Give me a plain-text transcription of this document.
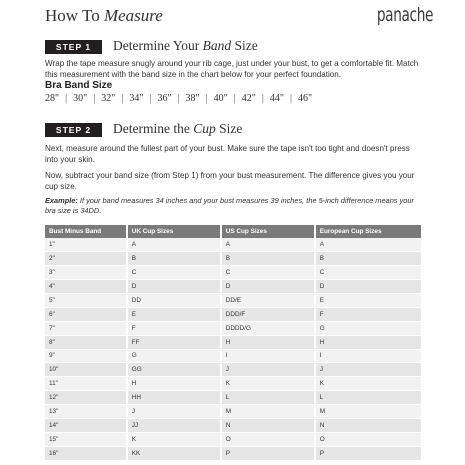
How To Measure	panache
STEP 1	Determine Your Band Size
Wrap the tape measure snugly around your rib cage, just under your bust, to get a comfortable fit. Match this measurement with the band size in the chart below for your perfect foundation.
Bra Band Size
28" | 30" | 32" | 34" | 36" | 38" | 40" | 42" | 44" | 46"
STEP 2	Determine the Cup Size
Next, measure around the fullest part of your bust. Make sure the tape isn't too tight and doesn't press into your skin.
Now, subtract your band size (from Step 1) from your bust measurement. The difference gives you your cup size.
Example: If your band measures 34 inches and your bust measures 39 inches, the 5-inch difference means your bra size is 34DD.
Bust Minus Band	UK Cup Sizes	US Cup Sizes	European Cup Sizes
1"	A	A	A
2"	B	B	B
3"	C	C	C
4"	D	D	D
5"	DD	DD/E	E
6"	E	DDD/F	F
7"	F	DDDD/G	G
8"	FF	H	H
9"	G	I	I
10"	GG	J	J
11"	H	K	K
12"	HH	L	L
13"	J	M	M
14"	JJ	N	N
15"	K	O	O
16"	KK	P	P
